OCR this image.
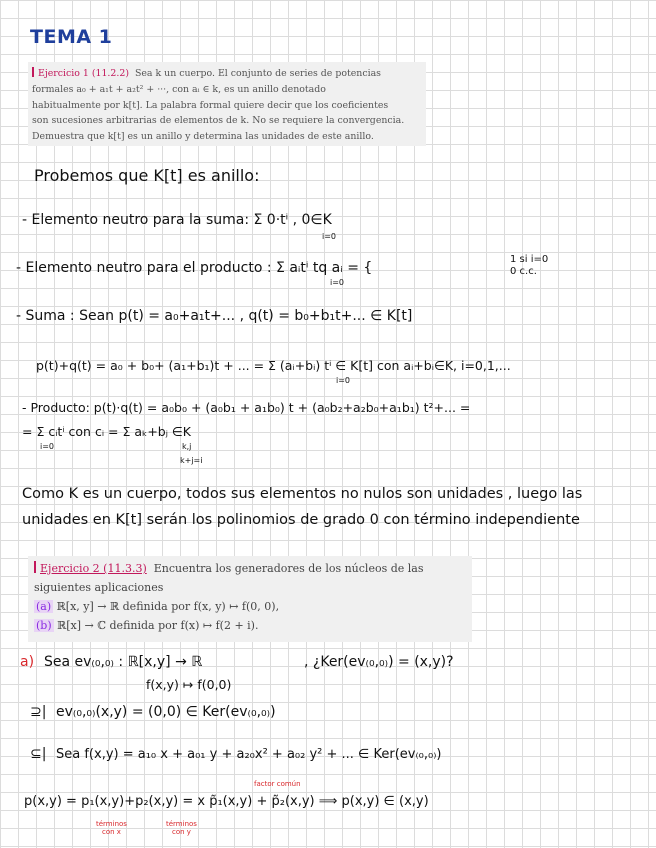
TEMA 1
Ejercicio 1 (11.2.2) Sea k un cuerpo. El conjunto de series de potencias
formales a₀ + a₁t + a₂t² + ···, con aᵢ ∈ k, es un anillo denotado
habitualmente por k[t]. La palabra formal quiere decir que los coeficientes
son sucesiones arbitrarias de elementos de k. No se requiere la convergencia.
Demuestra que k[t] es un anillo y determina las unidades de este anillo.
Probemos que K[t] es anillo:
- Elemento neutro para la suma: Σ 0·tⁱ , 0∈K
i=0
- Elemento neutro para el producto : Σ aᵢtⁱ tq aᵢ = {
i=0
1 si i=0
0 c.c.
- Suma : Sean p(t) = a₀+a₁t+... , q(t) = b₀+b₁t+... ∈ K[t]
p(t)+q(t) = a₀ + b₀+ (a₁+b₁)t + ... = Σ (aᵢ+bᵢ) tⁱ ∈ K[t] con aᵢ+bᵢ∈K, i=0,1,...
i=0
- Producto: p(t)·q(t) = a₀b₀ + (a₀b₁ + a₁b₀) t + (a₀b₂+a₂b₀+a₁b₁) t²+... =
= Σ cᵢtⁱ con cᵢ = Σ aₖ+bⱼ ∈K
i=0	k,j
k+j=i
Como K es un cuerpo, todos sus elementos no nulos son unidades , luego las
unidades en K[t] serán los polinomios de grado 0 con término independiente
Ejercicio 2 (11.3.3) Encuentra los generadores de los núcleos de las
siguientes aplicaciones
(a) ℝ[x, y] → ℝ definida por f(x, y) ↦ f(0, 0),
(b) ℝ[x] → ℂ definida por f(x) ↦ f(2 + i).
a) Sea ev₍₀,₀₎ : ℝ[x,y] → ℝ	, ¿Ker(ev₍₀,₀₎) = (x,y)?
f(x,y) ↦ f(0,0)
⊇| ev₍₀,₀₎(x,y) = (0,0) ∈ Ker(ev₍₀,₀₎)
⊆| Sea f(x,y) = a₁₀ x + a₀₁ y + a₂₀x² + a₀₂ y² + ... ∈ Ker(ev₍₀,₀₎)
factor común
p(x,y) = p₁(x,y)+p₂(x,y) = x p̃₁(x,y) + p̃₂(x,y) ⟹ p(x,y) ∈ (x,y)
términos
con x
términos
con y
